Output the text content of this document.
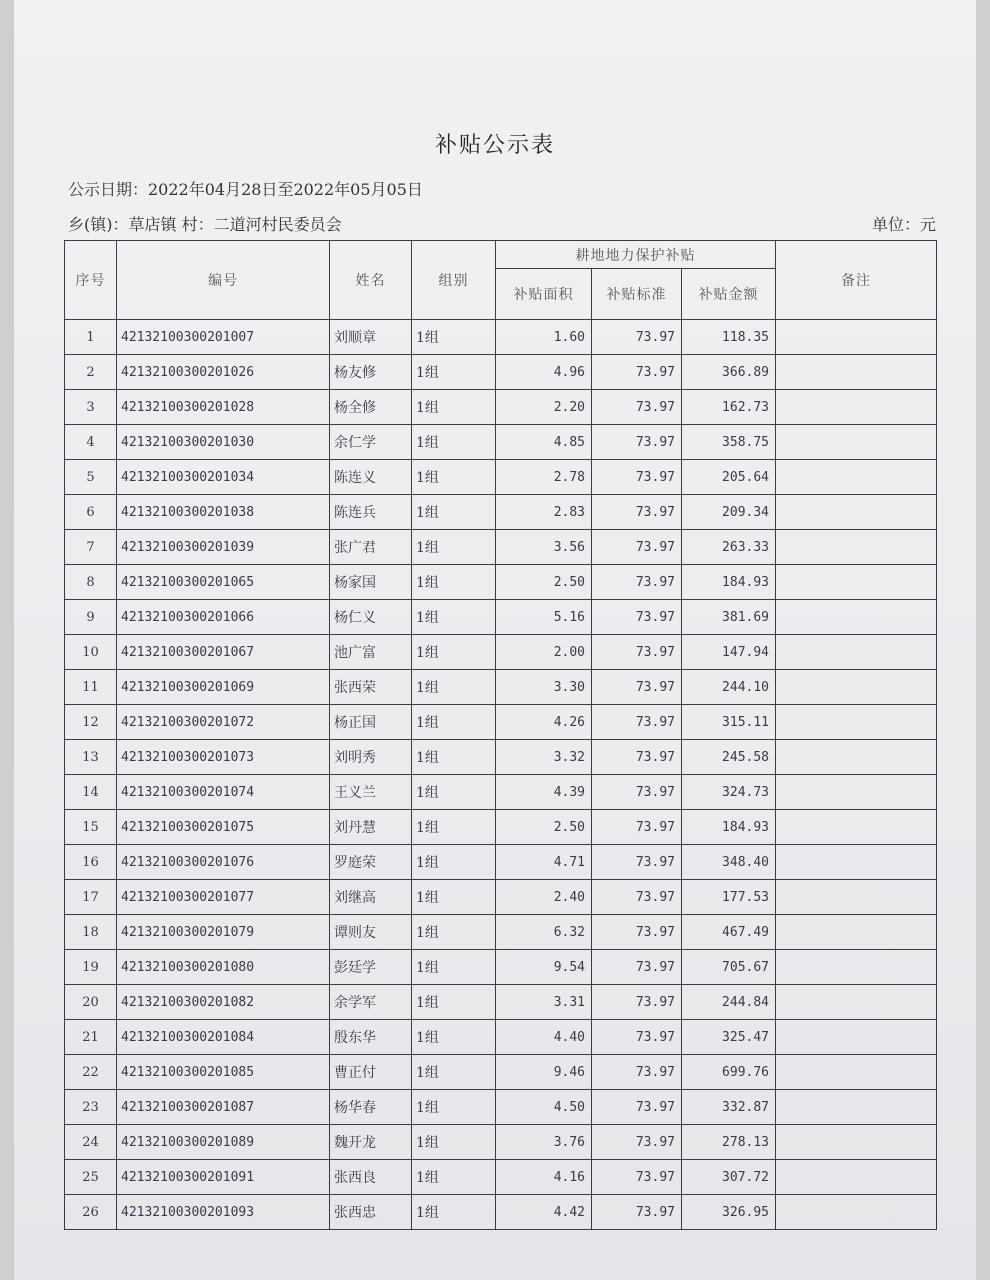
补贴公示表
公示日期：2022年04月28日至2022年05月05日
乡(镇)：草店镇 村：二道河村民委员会	单位：元
序号	编号	姓名	组别	耕地地力保护补贴			备注
				补贴面积	补贴标准	补贴金额	
1	42132100300201007	刘顺章	1组	1.60	73.97	118.35	
2	42132100300201026	杨友修	1组	4.96	73.97	366.89	
3	42132100300201028	杨全修	1组	2.20	73.97	162.73	
4	42132100300201030	余仁学	1组	4.85	73.97	358.75	
5	42132100300201034	陈连义	1组	2.78	73.97	205.64	
6	42132100300201038	陈连兵	1组	2.83	73.97	209.34	
7	42132100300201039	张广君	1组	3.56	73.97	263.33	
8	42132100300201065	杨家国	1组	2.50	73.97	184.93	
9	42132100300201066	杨仁义	1组	5.16	73.97	381.69	
10	42132100300201067	池广富	1组	2.00	73.97	147.94	
11	42132100300201069	张西荣	1组	3.30	73.97	244.10	
12	42132100300201072	杨正国	1组	4.26	73.97	315.11	
13	42132100300201073	刘明秀	1组	3.32	73.97	245.58	
14	42132100300201074	王义兰	1组	4.39	73.97	324.73	
15	42132100300201075	刘丹慧	1组	2.50	73.97	184.93	
16	42132100300201076	罗庭荣	1组	4.71	73.97	348.40	
17	42132100300201077	刘继高	1组	2.40	73.97	177.53	
18	42132100300201079	谭则友	1组	6.32	73.97	467.49	
19	42132100300201080	彭廷学	1组	9.54	73.97	705.67	
20	42132100300201082	余学军	1组	3.31	73.97	244.84	
21	42132100300201084	殷东华	1组	4.40	73.97	325.47	
22	42132100300201085	曹正付	1组	9.46	73.97	699.76	
23	42132100300201087	杨华春	1组	4.50	73.97	332.87	
24	42132100300201089	魏开龙	1组	3.76	73.97	278.13	
25	42132100300201091	张西良	1组	4.16	73.97	307.72	
26	42132100300201093	张西忠	1组	4.42	73.97	326.95	
